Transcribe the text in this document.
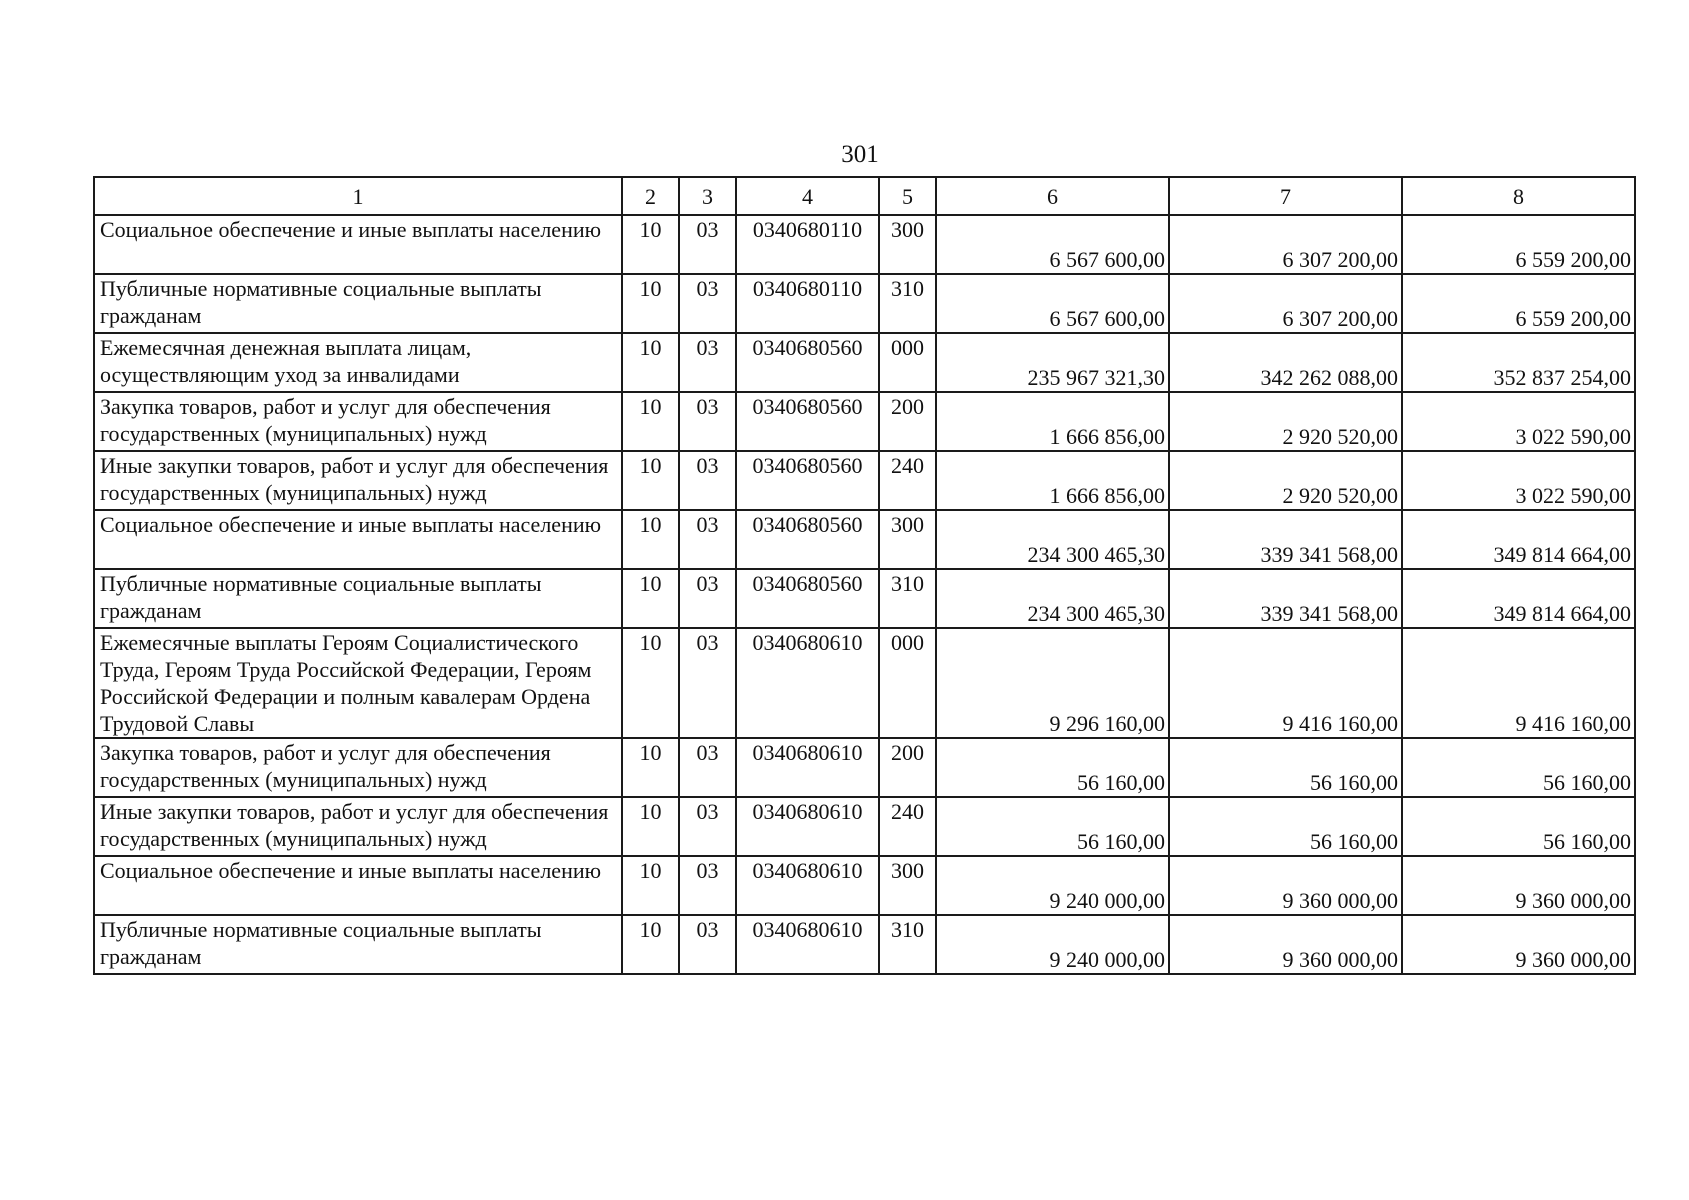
301
1	2	3	4	5	6	7	8
Социальное обеспечение и иные выплаты населению	10	03	0340680110	300	6 567 600,00	6 307 200,00	6 559 200,00
Публичные нормативные социальные выплаты гражданам	10	03	0340680110	310	6 567 600,00	6 307 200,00	6 559 200,00
Ежемесячная денежная выплата лицам, осуществляющим уход за инвалидами	10	03	0340680560	000	235 967 321,30	342 262 088,00	352 837 254,00
Закупка товаров, работ и услуг для обеспечения государственных (муниципальных) нужд	10	03	0340680560	200	1 666 856,00	2 920 520,00	3 022 590,00
Иные закупки товаров, работ и услуг для обеспечения государственных (муниципальных) нужд	10	03	0340680560	240	1 666 856,00	2 920 520,00	3 022 590,00
Социальное обеспечение и иные выплаты населению	10	03	0340680560	300	234 300 465,30	339 341 568,00	349 814 664,00
Публичные нормативные социальные выплаты гражданам	10	03	0340680560	310	234 300 465,30	339 341 568,00	349 814 664,00
Ежемесячные выплаты Героям Социалистического Труда, Героям Труда Российской Федерации, Героям Российской Федерации и полным кавалерам Ордена Трудовой Славы	10	03	0340680610	000	9 296 160,00	9 416 160,00	9 416 160,00
Закупка товаров, работ и услуг для обеспечения государственных (муниципальных) нужд	10	03	0340680610	200	56 160,00	56 160,00	56 160,00
Иные закупки товаров, работ и услуг для обеспечения государственных (муниципальных) нужд	10	03	0340680610	240	56 160,00	56 160,00	56 160,00
Социальное обеспечение и иные выплаты населению	10	03	0340680610	300	9 240 000,00	9 360 000,00	9 360 000,00
Публичные нормативные социальные выплаты гражданам	10	03	0340680610	310	9 240 000,00	9 360 000,00	9 360 000,00
